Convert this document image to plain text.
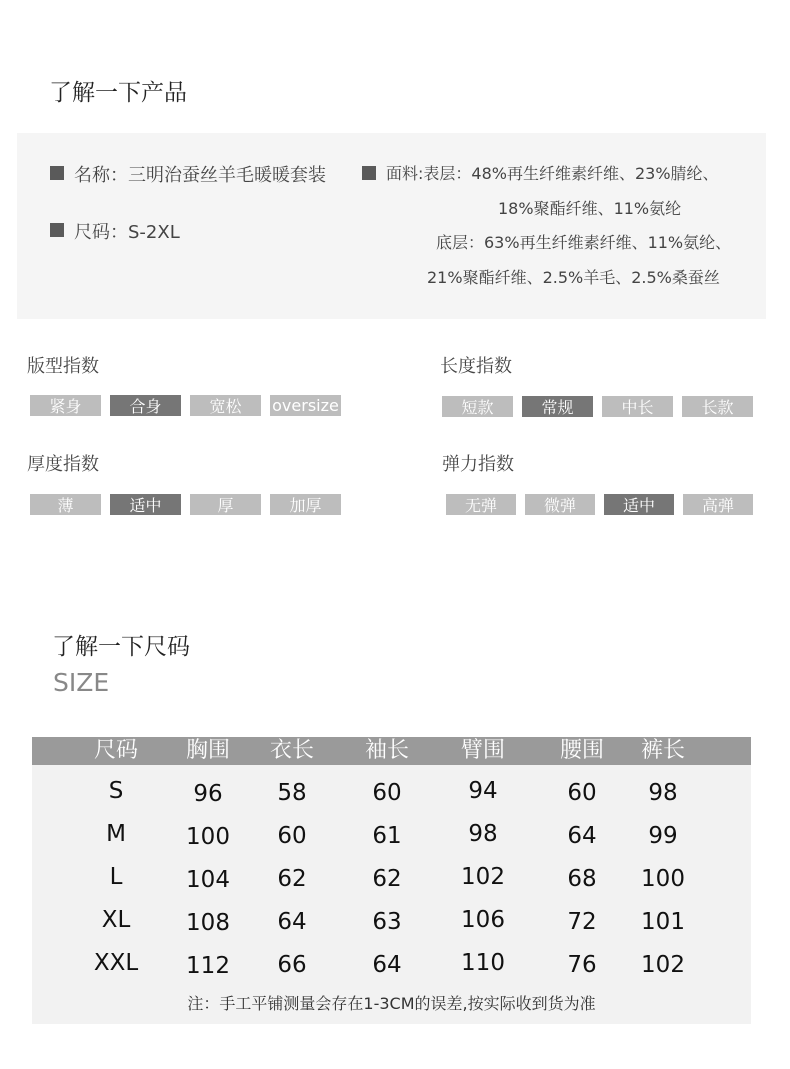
了解一下产品
名称：三明治蚕丝羊毛暖暖套装
尺码：S-2XL
面料:表层：48%再生纤维素纤维、23%腈纶、
18%聚酯纤维、11%氨纶
底层：63%再生纤维素纤维、11%氨纶、
21%聚酯纤维、2.5%羊毛、2.5%桑蚕丝
版型指数
紧身	合身	宽松	oversize
长度指数
短款	常规	中长	长款
厚度指数
薄	适中	厚	加厚
弹力指数
无弹	微弹	适中	高弹
了解一下尺码
SIZE
尺码 胸围 衣长 袖长 臂围 腰围 裤长
S	96 58	60	94	60 98
M	100 60	61	98	64 99
L	104 62	62	102	68 100
XL 108 64	63	106	72 101
XXL 112 66	64	110	76 102
注：手工平铺测量会存在1-3CM的误差,按实际收到货为准
